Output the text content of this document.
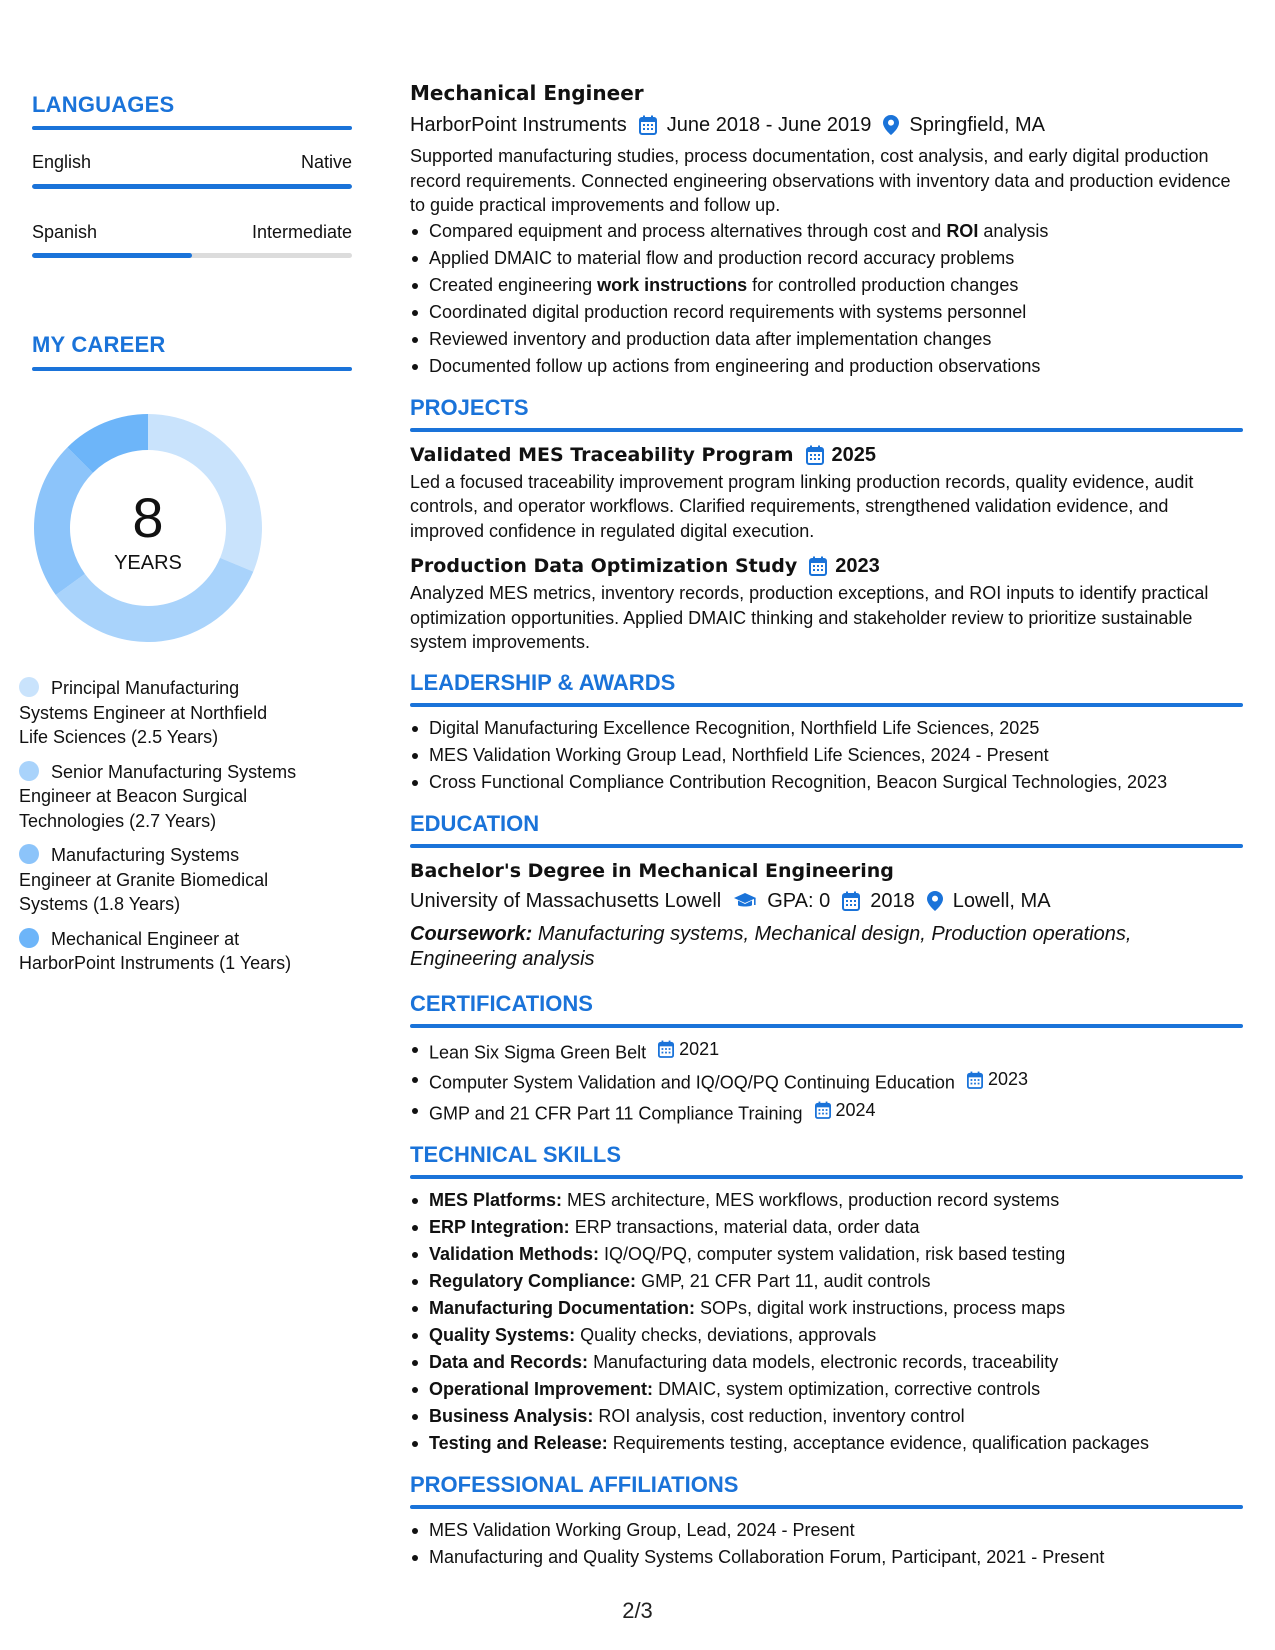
LANGUAGES
English	Native
Spanish	Intermediate
MY CAREER
8
YEARS
Principal Manufacturing Systems Engineer at Northfield Life Sciences (2.5 Years)
Senior Manufacturing Systems Engineer at Beacon Surgical Technologies (2.7 Years)
Manufacturing Systems Engineer at Granite Biomedical Systems (1.8 Years)
Mechanical Engineer at HarborPoint Instruments (1 Years)
Mechanical Engineer
HarborPoint Instruments June 2018 - June 2019 Springfield, MA
Supported manufacturing studies, process documentation, cost analysis, and early digital production record requirements. Connected engineering observations with inventory data and production evidence to guide practical improvements and follow up.
Compared equipment and process alternatives through cost and ROI analysis
Applied DMAIC to material flow and production record accuracy problems
Created engineering work instructions for controlled production changes
Coordinated digital production record requirements with systems personnel
Reviewed inventory and production data after implementation changes
Documented follow up actions from engineering and production observations
PROJECTS
Validated MES Traceability Program 2025
Led a focused traceability improvement program linking production records, quality evidence, audit controls, and operator workflows. Clarified requirements, strengthened validation evidence, and improved confidence in regulated digital execution.
Production Data Optimization Study 2023
Analyzed MES metrics, inventory records, production exceptions, and ROI inputs to identify practical optimization opportunities. Applied DMAIC thinking and stakeholder review to prioritize sustainable system improvements.
LEADERSHIP & AWARDS
Digital Manufacturing Excellence Recognition, Northfield Life Sciences, 2025
MES Validation Working Group Lead, Northfield Life Sciences, 2024 - Present
Cross Functional Compliance Contribution Recognition, Beacon Surgical Technologies, 2023
EDUCATION
Bachelor's Degree in Mechanical Engineering
University of Massachusetts Lowell GPA: 0 2018 Lowell, MA
Coursework: Manufacturing systems, Mechanical design, Production operations, Engineering analysis
CERTIFICATIONS
Lean Six Sigma Green Belt 2021
Computer System Validation and IQ/OQ/PQ Continuing Education 2023
GMP and 21 CFR Part 11 Compliance Training 2024
TECHNICAL SKILLS
MES Platforms: MES architecture, MES workflows, production record systems
ERP Integration: ERP transactions, material data, order data
Validation Methods: IQ/OQ/PQ, computer system validation, risk based testing
Regulatory Compliance: GMP, 21 CFR Part 11, audit controls
Manufacturing Documentation: SOPs, digital work instructions, process maps
Quality Systems: Quality checks, deviations, approvals
Data and Records: Manufacturing data models, electronic records, traceability
Operational Improvement: DMAIC, system optimization, corrective controls
Business Analysis: ROI analysis, cost reduction, inventory control
Testing and Release: Requirements testing, acceptance evidence, qualification packages
PROFESSIONAL AFFILIATIONS
MES Validation Working Group, Lead, 2024 - Present
Manufacturing and Quality Systems Collaboration Forum, Participant, 2021 - Present
2/3
